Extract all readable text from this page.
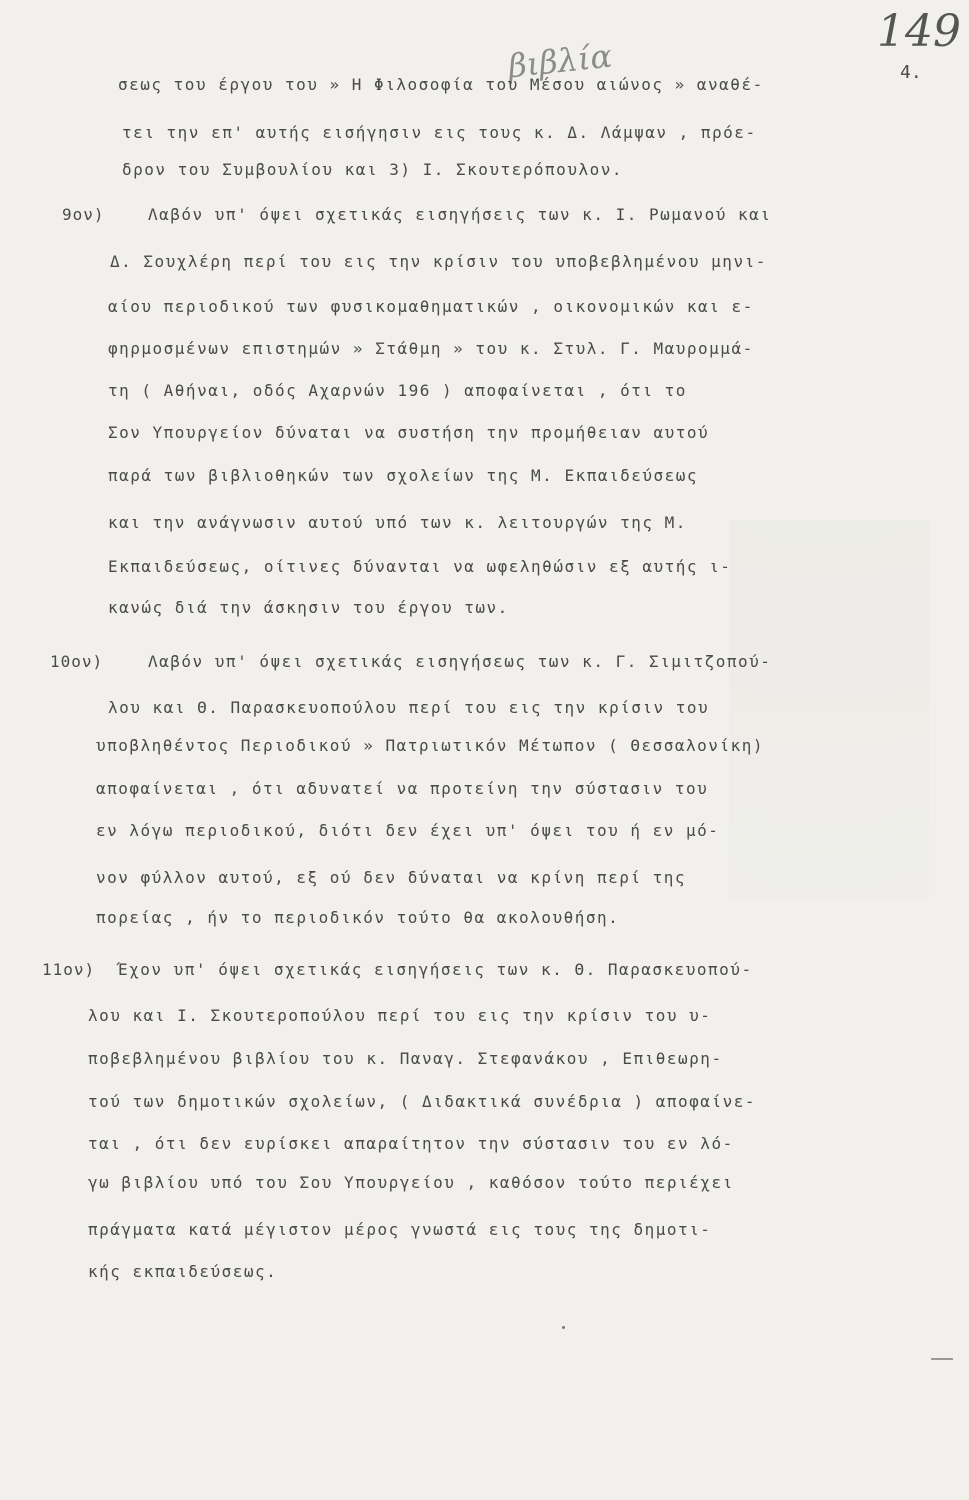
149
βιβλία	4.
σεως του έργου του » Η Φιλοσοφία του Μέσου αιώνος » αναθέ-
τει την επ' αυτής εισήγησιν εις τους κ. Δ. Λάμψαν , πρόε-
δρον του Συμβουλίου και 3) Ι. Σκουτερόπουλον.
9ον)	Λαβόν υπ' όψει σχετικάς εισηγήσεις των κ. Ι. Ρωμανού και
Δ. Σουχλέρη περί του εις την κρίσιν του υποβεβλημένου μηνι-
αίου περιοδικού των φυσικομαθηματικών , οικονομικών και ε-
φηρμοσμένων επιστημών » Στάθμη » του κ. Στυλ. Γ. Μαυρομμά-
τη ( Αθήναι, οδός Αχαρνών 196 ) αποφαίνεται , ότι το
Σον Υπουργείον δύναται να συστήση την προμήθειαν αυτού
παρά των βιβλιοθηκών των σχολείων της Μ. Εκπαιδεύσεως
και την ανάγνωσιν αυτού υπό των κ. λειτουργών της Μ.
Εκπαιδεύσεως, οίτινες δύνανται να ωφεληθώσιν εξ αυτής ι-
κανώς διά την άσκησιν του έργου των.
10ον)	Λαβόν υπ' όψει σχετικάς εισηγήσεως των κ. Γ. Σιμιτζοπού-
λου και Θ. Παρασκευοπούλου περί του εις την κρίσιν του
υποβληθέντος Περιοδικού » Πατριωτικόν Μέτωπον ( Θεσσαλονίκη)
αποφαίνεται , ότι αδυνατεί να προτείνη την σύστασιν του
εν λόγω περιοδικού, διότι δεν έχει υπ' όψει του ή εν μό-
νον φύλλον αυτού, εξ ού δεν δύναται να κρίνη περί της
πορείας , ήν το περιοδικόν τούτο θα ακολουθήση.
11ον) Έχον υπ' όψει σχετικάς εισηγήσεις των κ. Θ. Παρασκευοπού-
λου και Ι. Σκουτεροπούλου περί του εις την κρίσιν του υ-
ποβεβλημένου βιβλίου του κ. Παναγ. Στεφανάκου , Επιθεωρη-
τού των δημοτικών σχολείων, ( Διδακτικά συνέδρια ) αποφαίνε-
ται , ότι δεν ευρίσκει απαραίτητον την σύστασιν του εν λό-
γω βιβλίου υπό του Σου Υπουργείου , καθόσον τούτο περιέχει
πράγματα κατά μέγιστον μέρος γνωστά εις τους της δημοτι-
κής εκπαιδεύσεως.
